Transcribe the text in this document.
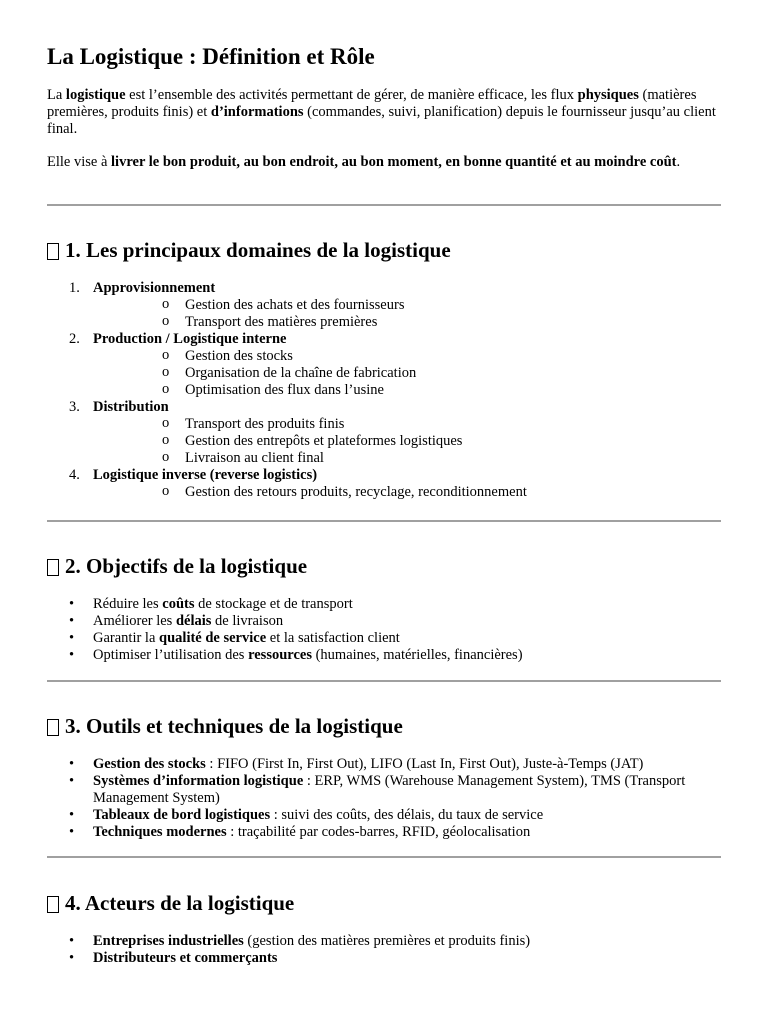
La Logistique : Définition et Rôle

La logistique est l’ensemble des activités permettant de gérer, de manière efficace, les flux physiques (matières premières, produits finis) et d’informations (commandes, suivi, planification) depuis le fournisseur jusqu’au client final.

Elle vise à livrer le bon produit, au bon endroit, au bon moment, en bonne quantité et au moindre coût.

1. Les principaux domaines de la logistique
1. Approvisionnement
o Gestion des achats et des fournisseurs
o Transport des matières premières
2. Production / Logistique interne
o Gestion des stocks
o Organisation de la chaîne de fabrication
o Optimisation des flux dans l’usine
3. Distribution
o Transport des produits finis
o Gestion des entrepôts et plateformes logistiques
o Livraison au client final
4. Logistique inverse (reverse logistics)
o Gestion des retours produits, recyclage, reconditionnement
2. Objectifs de la logistique
• Réduire les coûts de stockage et de transport
• Améliorer les délais de livraison
• Garantir la qualité de service et la satisfaction client
• Optimiser l’utilisation des ressources (humaines, matérielles, financières)
3. Outils et techniques de la logistique
• Gestion des stocks : FIFO (First In, First Out), LIFO (Last In, First Out), Juste-à-Temps (JAT)
• Systèmes d’information logistique : ERP, WMS (Warehouse Management System), TMS (Transport Management System)
• Tableaux de bord logistiques : suivi des coûts, des délais, du taux de service
• Techniques modernes : traçabilité par codes-barres, RFID, géolocalisation
4. Acteurs de la logistique
• Entreprises industrielles (gestion des matières premières et produits finis)
• Distributeurs et commerçants
